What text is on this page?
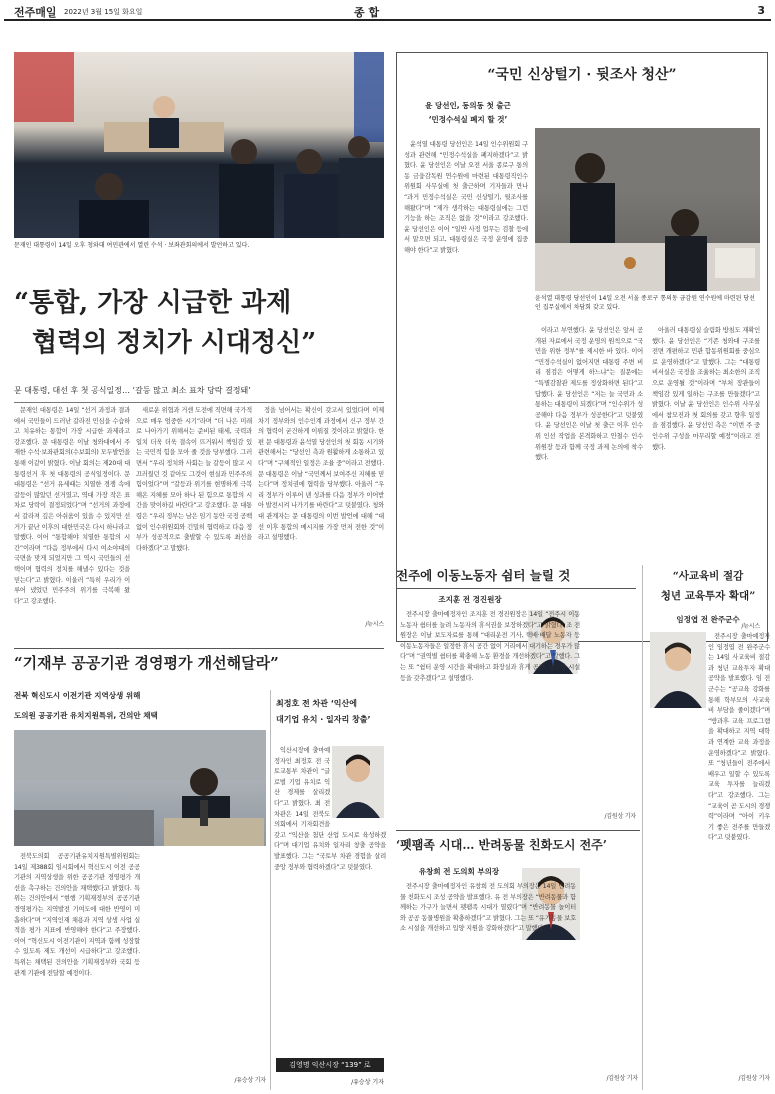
전주매일 2022년 3월 15일 화요일	종 합	3
문재인 대통령이 14일 오후 청와대 여민관에서 열린 수석 · 보좌관회의에서 발언하고 있다.
“통합, 가장 시급한 과제
협력의 정치가 시대정신”
문 대통령, 대선 후 첫 공식일정… ‘갈등 많고 최소 표차 당락 결정돼’

문재인 대통령은 14일 “선거 과정과 결과에서 국민들이 드러난 갈라진 민심을 수습하고 치유하는 통합이 가장 시급한 과제라고 강조했다. 문 대통령은 이날 청와대에서 주재한 수석·보좌관회의(수보회의) 모두발언을 통해 이같이 밝혔다. 이날 회의는 제20대 대통령선거 후 첫 대통령의 공식일정이다. 문 대통령은 “선거 유세때는 치열한 경쟁 속에 갈등이 많았던 선거였고, 역대 가장 작은 표 차로 당락이 결정되었다”며 “선거의 과정에서 갈라져 깊은 아쉬움이 있을 수 있지만 선거가 끝난 이후의 대한민국은 다시 하나라고 말했다. 이어 “통합해야 치열한 통합의 시간”이라며 “다음 정부에서 다시 여소야대의 국면을 맞게 되었지만 그 역시 국민들의 선택이며 협력의 정치를 해낼수 있다는 것을 믿는다”고 밝혔다. 이울러 “특히 우리가 이루어 냈었던 민주주의 위기를 극복해 왔다”고 강조했다.

새로운 위협과 거센 도전에 직면해 국가적으로 매우 엄중한 시기”라며 “더 나은 미래로 나아가기 위해서는 준비된 태세, 국력과 일치 더욱 더욱 결속이 뜨거워서 책임감 있는 국민적 힘을 모아 줄 것을 당부했다. 그러면서 “우리 정치와 사회는 늘 갈등이 많고 시끄러웠던 것 같아도 그것이 현실과 민주주의 힘이었다”며 “갈등과 위기를 현명하게 극복해온 지혜를 모아 하나 된 힘으로 통합의 시간을 맞이하길 바란다”고 강조했다. 문 대통령은 “우리 정부는 남은 임기 동안 국정 공백 없이 인수위원회와 긴밀히 협력하고 다음 정부가 성공적으로 출발할 수 있도록 최선을 다하겠다”고 말했다.

정을 넘어서는 확신이 갖고서 있었다며 이제 차기 정부와의 인수인계 과정에서 신구 정부 간의 협력이 굳건하게 이뤄질 것이라고 밝혔다. 한편 문 대통령과 윤석열 당선인의 첫 회동 시기와 관련해서는 “당선인 측과 원활하게 소통하고 있다”며 “구체적인 일정은 조율 중”이라고 전했다. 문 대통령은 이날 “국민께서 보여주신 지혜를 믿는다”며 정치권에 협력을 당부했다. 아울러 “우리 정부가 이루어 낸 성과를 다음 정부가 이어받아 발전시켜 나가기를 바란다”고 덧붙였다. 청와대 관계자는 문 대통령의 이번 발언에 대해 “대선 이후 통합의 메시지를 가장 먼저 전한 것”이라고 설명했다.

/뉴시스
“국민 신상털기 · 뒷조사 청산”
윤 당선인, 동의동 첫 출근
‘민정수석실 폐지 할 것’

윤석열 대통령 당선인은 14일 인수위원회 구성과 관련해 “민정수석실을 폐지하겠다”고 밝혔다. 윤 당선인은 이날 오전 서울 종로구 통의동 금융감독원 연수원에 마련된 대통령직인수위원회 사무실에 첫 출근하며 기자들과 만나 “과거 민정수석실은 국민 신상털기, 뒷조사를 해왔다”며 “제가 생각하는 대통령실에는 그런 기능을 하는 조직은 없을 것”이라고 강조했다. 윤 당선인은 이어 “일반 사정 업무는 검찰 등에서 맡으면 되고, 대통령실은 국정 운영에 집중해야 한다”고 밝혔다.

윤석열 대통령 당선인이 14일 오전 서울 종로구 통의동 금감원 연수원에 마련된 당선인 집무실에서 차담회 갖고 있다.

이라고 부연했다. 윤 당선인은 앞서 공개된 자료에서 국정 운영의 원칙으로 “국민을 위한 정부”를 제시한 바 있다. 이어 “민정수석실이 없어지면 대통령 주변 비리 점검은 어떻게 하느냐”는 질문에는 “특별감찰관 제도를 정상화하면 된다”고 답했다. 윤 당선인은 “저는 늘 국민과 소통하는 대통령이 되겠다”며 “인수위가 성공해야 다음 정부가 성공한다”고 덧붙였다. 윤 당선인은 이날 첫 출근 이후 인수위 인선 작업을 본격화하고 안철수 인수위원장 등과 함께 국정 과제 논의에 착수했다.

아울러 대통령실 슬림화 방침도 재확인했다. 윤 당선인은 “기존 청와대 구조를 전면 개편하고 민관 합동위원회를 중심으로 운영하겠다”고 말했다. 그는 “대통령 비서실은 국정을 조율하는 최소한의 조직으로 운영될 것”이라며 “부처 장관들이 책임감 있게 일하는 구조를 만들겠다”고 밝혔다. 이날 윤 당선인은 인수위 사무실에서 참모진과 첫 회의를 갖고 향후 일정을 점검했다. 윤 당선인 측은 “이번 주 중 인수위 구성을 마무리할 예정”이라고 전했다.

/뉴시스
전주에 이동노동자 쉼터 늘릴 것
조지훈 전 경진원장

전주시장 출마예정자인 조지훈 전 경진원장은 14일 “전주시 이동노동자 쉼터를 늘려 노동자의 휴식권을 보장하겠다”고 밝혔다. 조 전 원장은 이날 보도자료를 통해 “대리운전 기사, 택배·배달 노동자 등 이동노동자들은 일정한 휴식 공간 없이 거리에서 대기하는 경우가 많다”며 “권역별 쉼터를 확충해 노동 환경을 개선하겠다”고 말했다. 그는 또 “쉼터 운영 시간을 확대하고 화장실과 휴게 공간, 냉난방 시설 등을 갖추겠다”고 설명했다.

/김원상 기자
“사교육비 절감
청년 교육투자 확대”
임정엽 전 완주군수

전주시장 출마예정자인 임정엽 전 완주군수는 14일 사교육비 절감과 청년 교육투자 확대 공약을 발표했다. 임 전 군수는 “공교육 강화를 통해 학부모의 사교육비 부담을 줄이겠다”며 “방과후 교육 프로그램을 확대하고 지역 대학과 연계한 교육 과정을 운영하겠다”고 밝혔다. 또 “청년들이 전주에서 배우고 일할 수 있도록 교육 투자를 늘리겠다”고 강조했다. 그는 “교육이 곧 도시의 경쟁력”이라며 “아이 키우기 좋은 전주를 만들겠다”고 덧붙였다.

/김원상 기자
“기재부 공공기관 경영평가 개선해달라”
전북 혁신도시 이전기관 지역상생 위해
도의원 공공기관 유치지원특위, 건의안 채택

전북도의회 공공기관유치지원특별위원회는 14일 제388회 임시회에서 혁신도시 이전 공공기관의 지역상생을 위한 공공기관 경영평가 개선을 촉구하는 건의안을 채택했다고 밝혔다. 특위는 건의안에서 “현행 기획재정부의 공공기관 경영평가는 지역발전 기여도에 대한 반영이 미흡하다”며 “지역인재 채용과 지역 상생 사업 실적을 평가 지표에 반영해야 한다”고 주장했다. 이어 “혁신도시 이전기관이 지역과 함께 성장할 수 있도록 제도 개선이 시급하다”고 강조했다. 특위는 채택된 건의안을 기획재정부와 국회 등 관계 기관에 전달할 예정이다.

/유승상 기자
최정호 전 차관 ‘익산에
대기업 유치 · 일자리 창출’

익산시장에 출마예정자인 최정호 전 국토교통부 차관이 “글로벌 기업 유치로 익산 경제를 살리겠다”고 밝혔다. 최 전 차관은 14일 전북도의회에서 기자회견을 갖고 “익산을 첨단 산업 도시로 육성하겠다”며 대기업 유치와 일자리 창출 공약을 발표했다. 그는 “국토부 차관 경험을 살려 중앙 정부와 협력하겠다”고 덧붙였다.

김영명 익산시장 “139” 로
/유승상 기자
‘펫팸족 시대… 반려동물 친화도시 전주’
유창희 전 도의회 부의장

전주시장 출마예정자인 유창희 전 도의회 부의장은 14일 반려동물 친화도시 조성 공약을 발표했다. 유 전 부의장은 “반려동물과 함께하는 가구가 늘면서 펫팸족 시대가 열렸다”며 “반려동물 놀이터와 공공 동물병원을 확충하겠다”고 밝혔다. 그는 또 “유기동물 보호소 시설을 개선하고 입양 지원을 강화하겠다”고 말했다.

/김원상 기자
